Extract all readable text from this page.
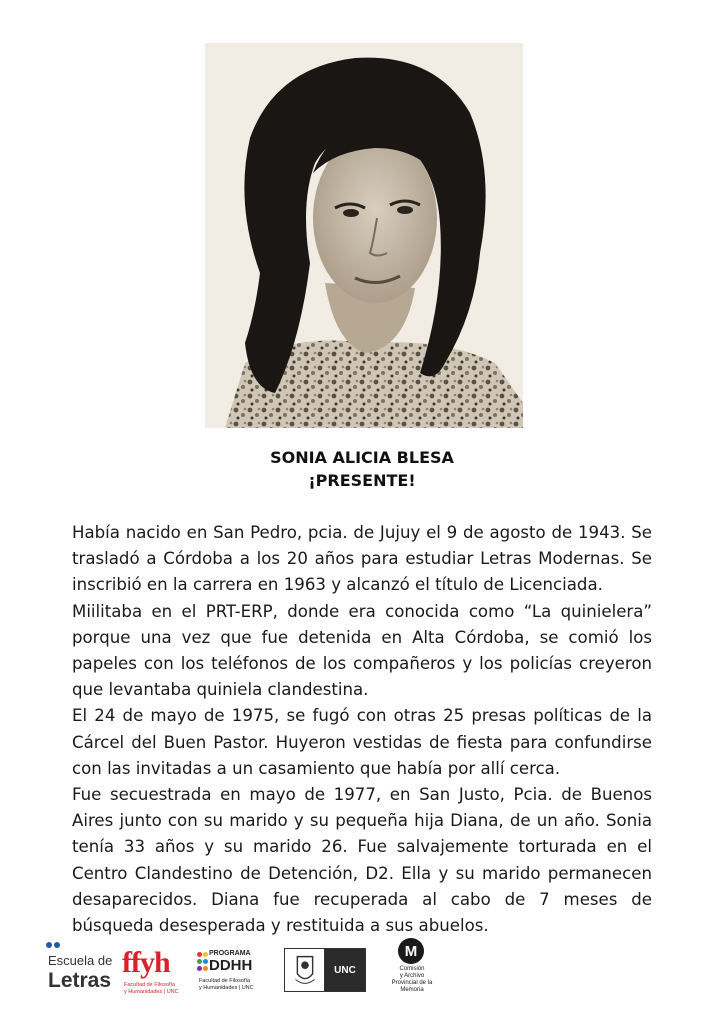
SONIA ALICIA BLESA
¡PRESENTE!

Había nacido en San Pedro, pcia. de Jujuy el 9 de agosto de 1943. Se trasladó a Córdoba a los 20 años para estudiar Letras Modernas. Se inscribió en la carrera en 1963 y alcanzó el título de Licenciada.

Miilitaba en el PRT-ERP, donde era conocida como “La quinielera” porque una vez que fue detenida en Alta Córdoba, se comió los papeles con los teléfonos de los compañeros y los policías creyeron que levantaba quiniela clandestina.

El 24 de mayo de 1975, se fugó con otras 25 presas políticas de la Cárcel del Buen Pastor. Huyeron vestidas de fiesta para confundirse con las invitadas a un casamiento que había por allí cerca.

Fue secuestrada en mayo de 1977, en San Justo, Pcia. de Buenos Aires junto con su marido y su pequeña hija Diana, de un año. Sonia tenía 33 años y su marido 26. Fue salvajemente torturada en el Centro Clandestino de Detención, D2. Ella y su marido permanecen desaparecidos. Diana fue recuperada al cabo de 7 meses de búsqueda desesperada y restituida a sus abuelos.

Escuela de
Letras
ffyh
Facultad de Filosofía
y Humanidades | UNC
PROGRAMA
DDHH
Facultad de Filosofía
y Humanidades | UNC
UNC
M
Comisión
y Archivo
Provincial de la
Memoria
